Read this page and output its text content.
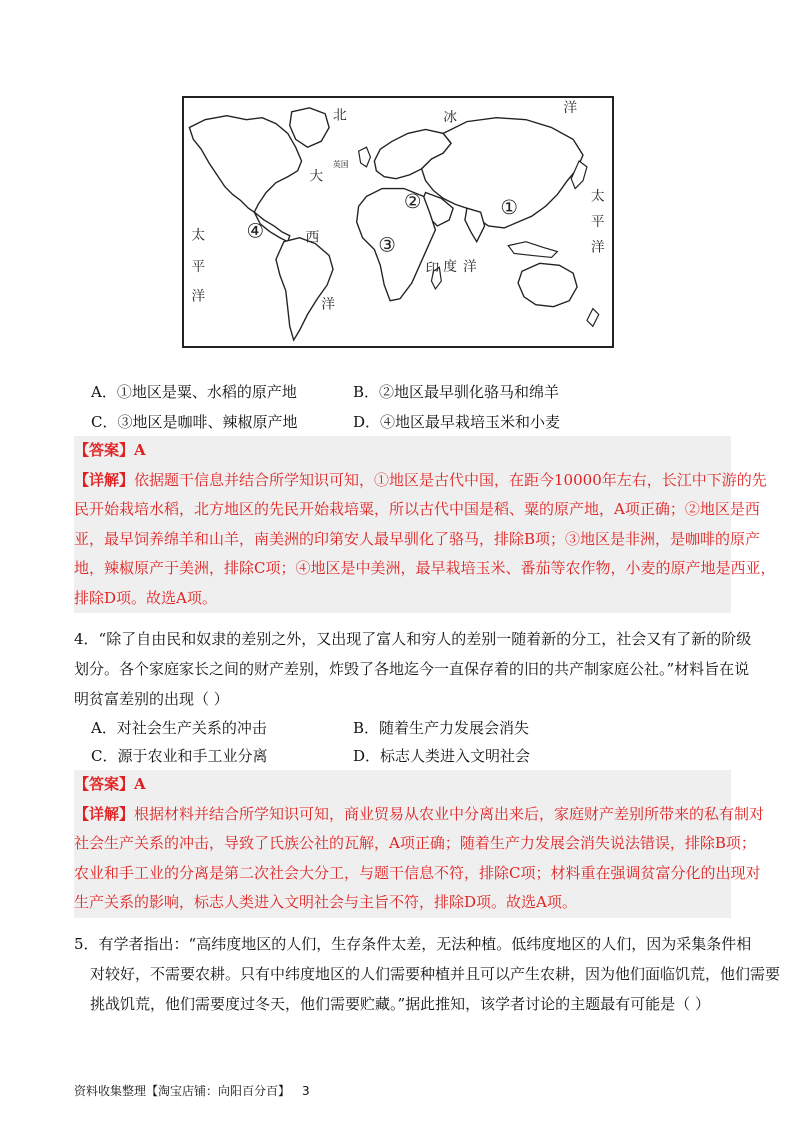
北	冰
洋
英国
大
西
洋
太
平
洋
太
平
洋
印 度 洋
①
②
③
④
A．①地区是粟、水稻的原产地	B．②地区最早驯化骆马和绵羊
C．③地区是咖啡、辣椒原产地	D．④地区最早栽培玉米和小麦
【答案】A
【详解】依据题干信息并结合所学知识可知，①地区是古代中国，在距今10000年左右，长江中下游的先
民开始栽培水稻，北方地区的先民开始栽培粟，所以古代中国是稻、粟的原产地，A项正确；②地区是西
亚，最早饲养绵羊和山羊，南美洲的印第安人最早驯化了骆马，排除B项；③地区是非洲，是咖啡的原产
地，辣椒原产于美洲，排除C项；④地区是中美洲，最早栽培玉米、番茄等农作物，小麦的原产地是西亚，
排除D项。故选A项。
4．“除了自由民和奴隶的差别之外，又出现了富人和穷人的差别一随着新的分工，社会又有了新的阶级
划分。各个家庭家长之间的财产差别，炸毁了各地迄今一直保存着的旧的共产制家庭公社。”材料旨在说
明贫富差别的出现（ ）
A．对社会生产关系的冲击	B．随着生产力发展会消失
C．源于农业和手工业分离	D．标志人类进入文明社会
【答案】A
【详解】根据材料并结合所学知识可知，商业贸易从农业中分离出来后，家庭财产差别所带来的私有制对
社会生产关系的冲击，导致了氏族公社的瓦解，A项正确；随着生产力发展会消失说法错误，排除B项；
农业和手工业的分离是第二次社会大分工，与题干信息不符，排除C项；材料重在强调贫富分化的出现对
生产关系的影响，标志人类进入文明社会与主旨不符，排除D项。故选A项。
5．有学者指出：“高纬度地区的人们，生存条件太差，无法种植。低纬度地区的人们，因为采集条件相
对较好，不需要农耕。只有中纬度地区的人们需要种植并且可以产生农耕，因为他们面临饥荒，他们需要
挑战饥荒，他们需要度过冬天，他们需要贮藏。”据此推知，该学者讨论的主题最有可能是（ ）
资料收集整理【淘宝店铺：向阳百分百】 3
